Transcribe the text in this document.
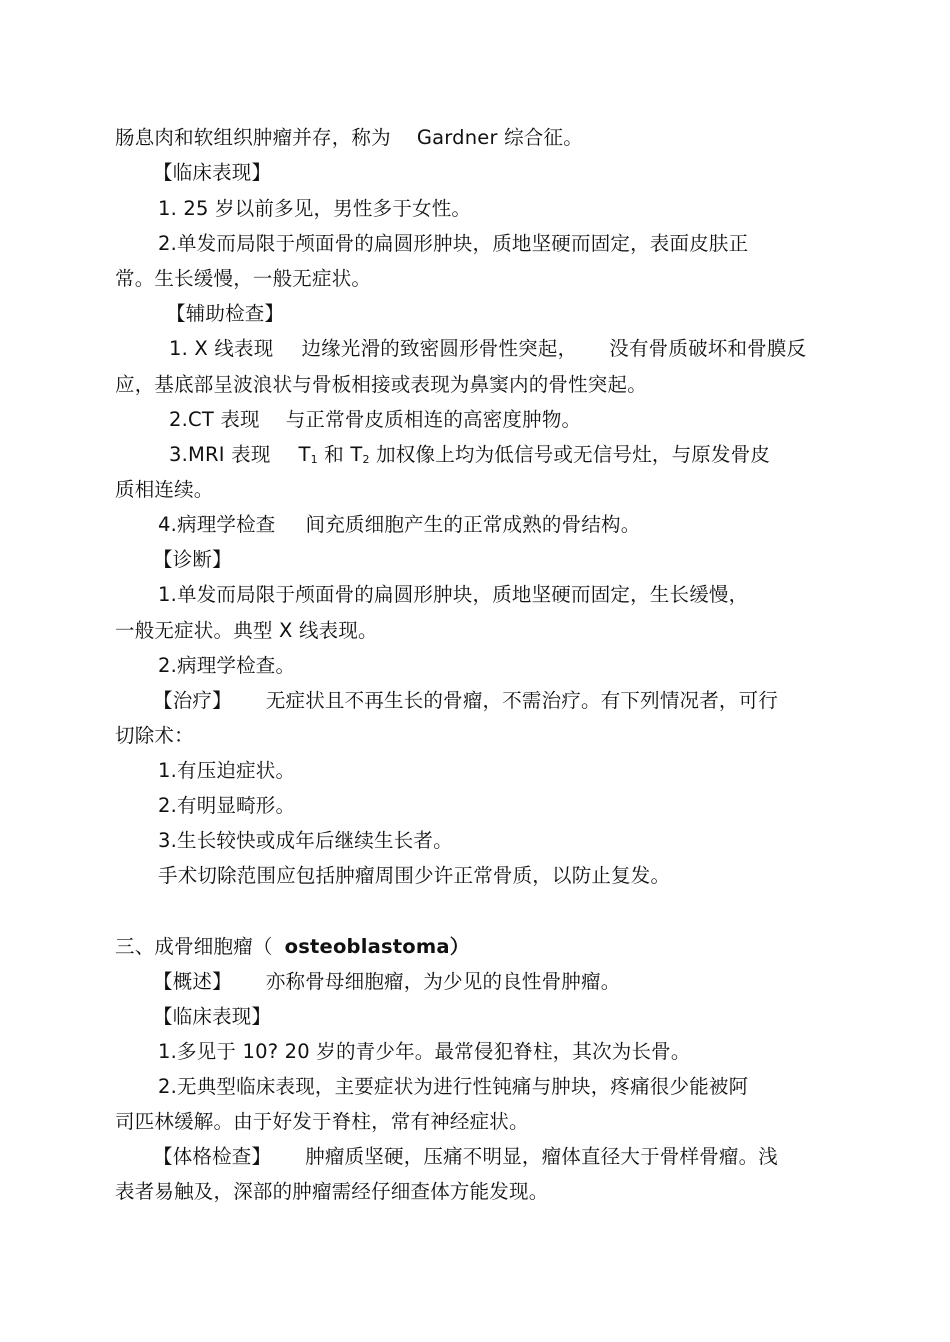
肠息肉和软组织肿瘤并存，称为 Gardner 综合征。
【临床表现】
1. 25 岁以前多见，男性多于女性。
2.单发而局限于颅面骨的扁圆形肿块，质地坚硬而固定，表面皮肤正
常。生长缓慢，一般无症状。
【辅助检查】
1. X 线表现 边缘光滑的致密圆形骨性突起， 没有骨质破坏和骨膜反
应，基底部呈波浪状与骨板相接或表现为鼻窦内的骨性突起。
2.CT 表现 与正常骨皮质相连的高密度肿物。
3.MRI 表现 T1 和 T2 加权像上均为低信号或无信号灶，与原发骨皮
质相连续。
4.病理学检查 间充质细胞产生的正常成熟的骨结构。
【诊断】
1.单发而局限于颅面骨的扁圆形肿块，质地坚硬而固定，生长缓慢，
一般无症状。典型 X 线表现。
2.病理学检查。
【治疗】 无症状且不再生长的骨瘤，不需治疗。有下列情况者，可行
切除术：
1.有压迫症状。
2.有明显畸形。
3.生长较快或成年后继续生长者。
手术切除范围应包括肿瘤周围少许正常骨质，以防止复发。
三、成骨细胞瘤（ osteoblastoma）
【概述】 亦称骨母细胞瘤，为少见的良性骨肿瘤。
【临床表现】
1.多见于 10? 20 岁的青少年。最常侵犯脊柱，其次为长骨。
2.无典型临床表现，主要症状为进行性钝痛与肿块，疼痛很少能被阿
司匹林缓解。由于好发于脊柱，常有神经症状。
【体格检查】 肿瘤质坚硬，压痛不明显，瘤体直径大于骨样骨瘤。浅
表者易触及，深部的肿瘤需经仔细查体方能发现。
